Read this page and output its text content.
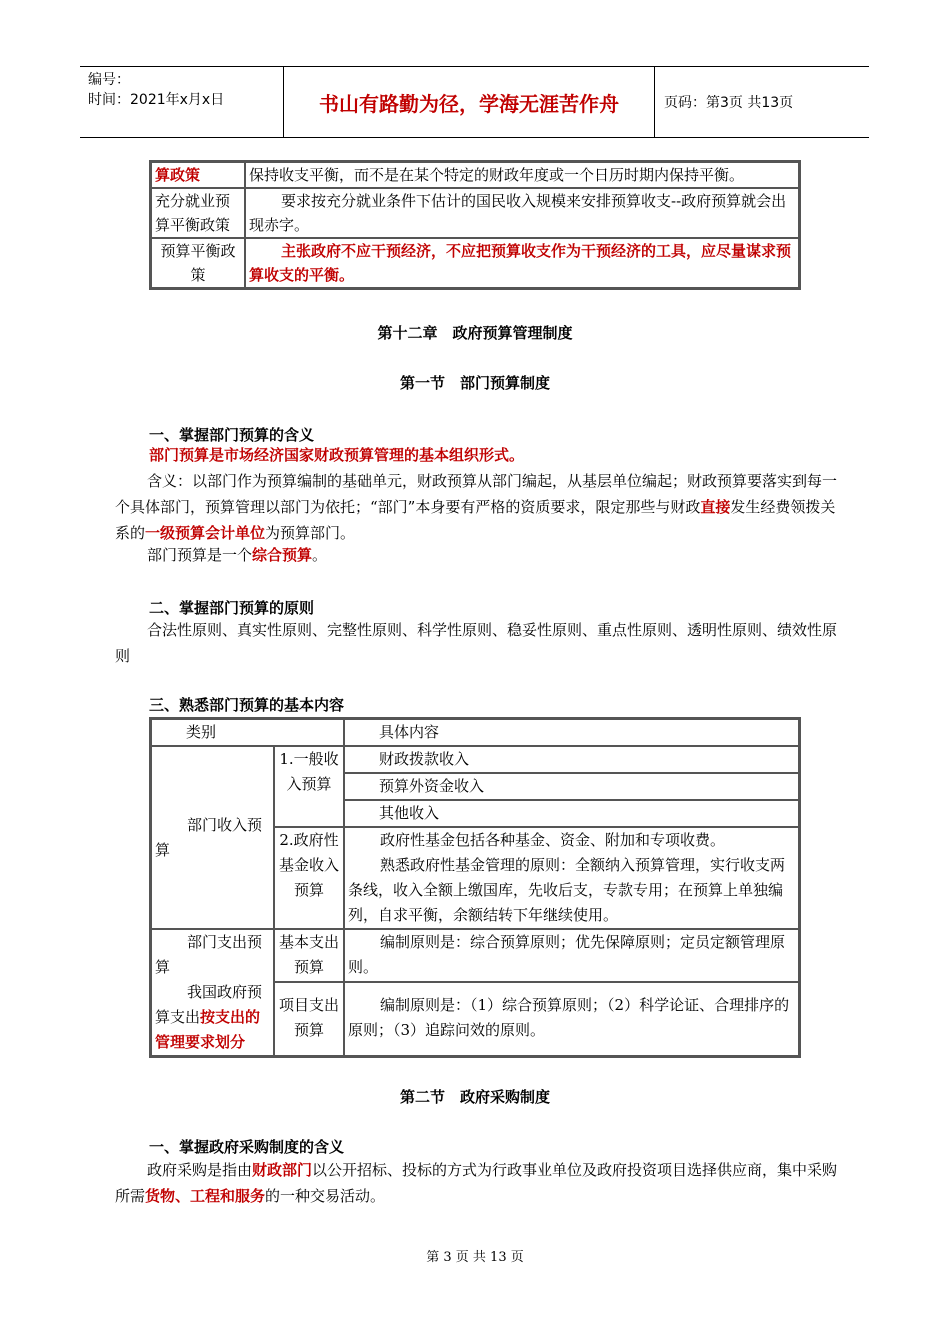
编号：
时间：2021年x月x日	书山有路勤为径，学海无涯苦作舟	页码：第3页 共13页
算政策	保持收支平衡，而不是在某个特定的财政年度或一个日历时期内保持平衡。
充分就业预算平衡政策	要求按充分就业条件下估计的国民收入规模来安排预算收支--政府预算就会出现赤字。
预算平衡政策	主张政府不应干预经济，不应把预算收支作为干预经济的工具，应尽量谋求预算收支的平衡。
第十二章　政府预算管理制度
第一节　部门预算制度
一、掌握部门预算的含义
部门预算是市场经济国家财政预算管理的基本组织形式。
含义：以部门作为预算编制的基础单元，财政预算从部门编起，从基层单位编起；财政预算要落实到每一个具体部门，预算管理以部门为依托；“部门”本身要有严格的资质要求，限定那些与财政直接发生经费领拨关系的一级预算会计单位为预算部门。
部门预算是一个综合预算。
二、掌握部门预算的原则
合法性原则、真实性原则、完整性原则、科学性原则、稳妥性原则、重点性原则、透明性原则、绩效性原则
三、熟悉部门预算的基本内容
类别		具体内容
部门收入预算	1.一般收入预算	财政拨款收入
		预算外资金收入
		其他收入
	2.政府性基金收入预算	政府性基金包括各种基金、资金、附加和专项收费。
熟悉政府性基金管理的原则：全额纳入预算管理，实行收支两条线，收入全额上缴国库，先收后支，专款专用；在预算上单独编列，自求平衡，余额结转下年继续使用。

部门支出预算
我国政府预算支出按支出的管理要求划分	基本支出预算	编制原则是：综合预算原则；优先保障原则；定员定额管理原则。
	项目支出预算	编制原则是：（1）综合预算原则；（2）科学论证、合理排序的原则；（3）追踪问效的原则。
第二节　政府采购制度
一、掌握政府采购制度的含义
政府采购是指由财政部门以公开招标、投标的方式为行政事业单位及政府投资项目选择供应商，集中采购所需货物、工程和服务的一种交易活动。
第 3 页 共 13 页
